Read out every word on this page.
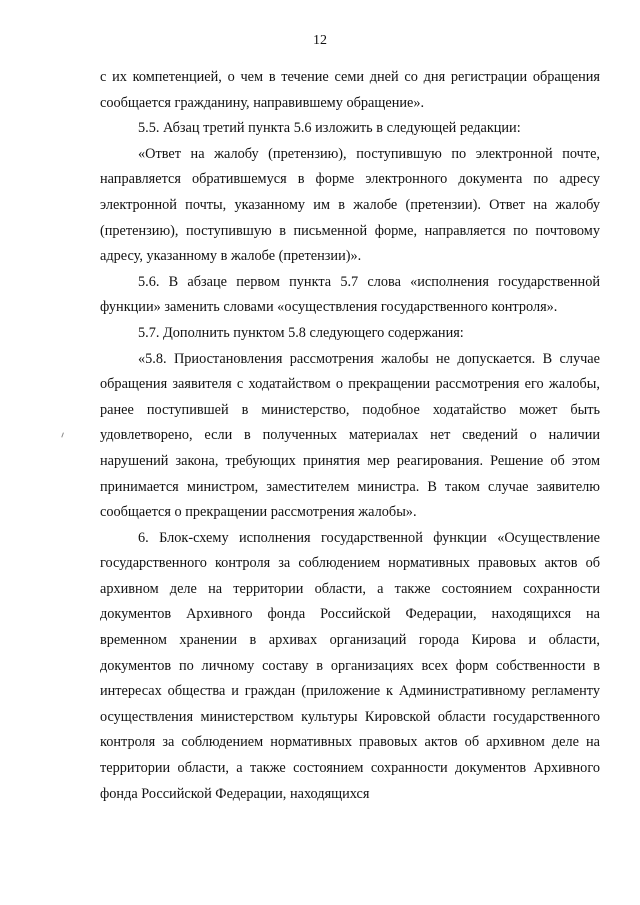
12

с их компетенцией, о чем в течение семи дней со дня регистрации обращения сообщается гражданину, направившему обращение».

5.5. Абзац третий пункта 5.6 изложить в следующей редакции:

«Ответ на жалобу (претензию), поступившую по электронной почте, направляется обратившемуся в форме электронного документа по адресу электронной почты, указанному им в жалобе (претензии). Ответ на жалобу (претензию), поступившую в письменной форме, направляется по почтовому адресу, указанному в жалобе (претензии)».

5.6. В абзаце первом пункта 5.7 слова «исполнения государственной функции» заменить словами «осуществления государственного контроля».

5.7. Дополнить пунктом 5.8 следующего содержания:

«5.8. Приостановления рассмотрения жалобы не допускается. В случае обращения заявителя с ходатайством о прекращении рассмотрения его жалобы, ранее поступившей в министерство, подобное ходатайство может быть удовлетворено, если в полученных материалах нет сведений о наличии нарушений закона, требующих принятия мер реагирования. Решение об этом принимается министром, заместителем министра. В таком случае заявителю сообщается о прекращении рассмотрения жалобы».

6. Блок-схему исполнения государственной функции «Осуществление государственного контроля за соблюдением нормативных правовых актов об архивном деле на территории области, а также состоянием сохранности документов Архивного фонда Российской Федерации, находящихся на временном хранении в архивах организаций города Кирова и области, документов по личному составу в организациях всех форм собственности в интересах общества и граждан (приложение к Административному регламенту осуществления министерством культуры Кировской области государственного контроля за соблюдением нормативных правовых актов об архивном деле на территории области, а также состоянием сохранности документов Архивного фонда Российской Федерации, находящихся
